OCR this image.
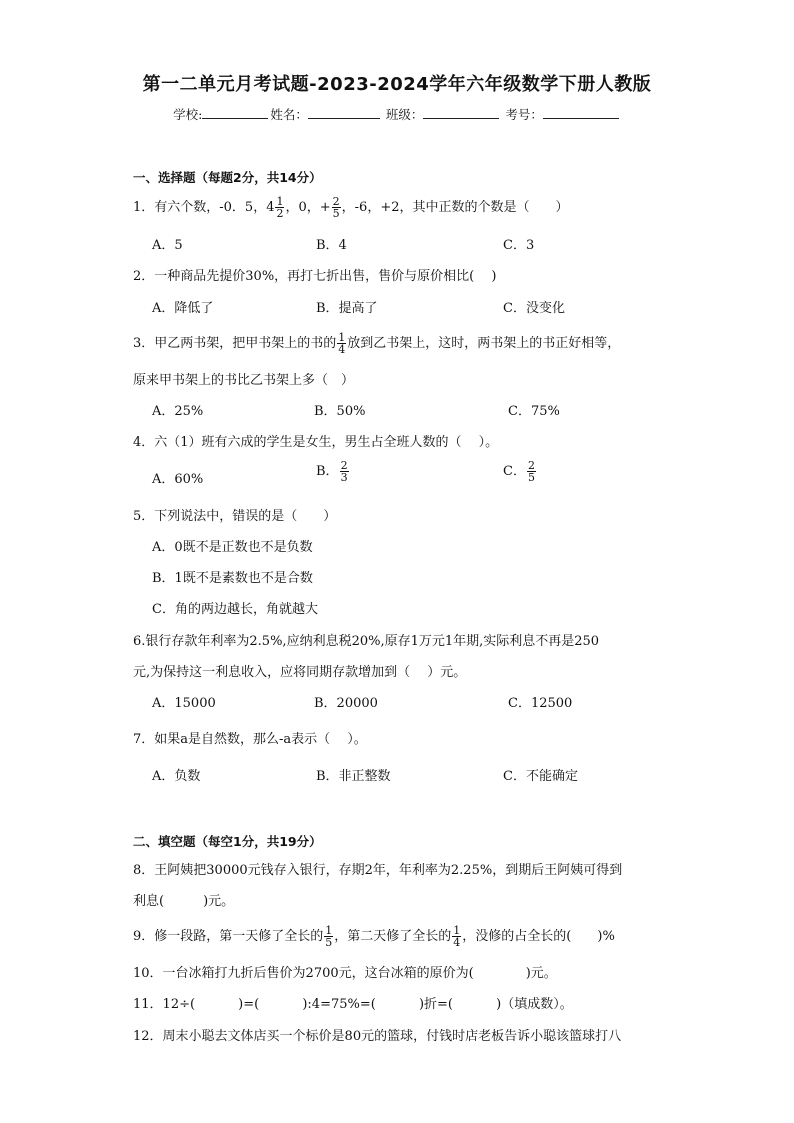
第一二单元月考试题-2023-2024学年六年级数学下册人教版
学校:	姓名：	班级：	考号：
一、选择题（每题2分，共14分）
1．有六个数，-0．5，$4 \frac{1}{2}$ ，0，+ $\frac{2}{5}$ ，-6，+2，其中正数的个数是（　　）
A．5	B．4	C．3
2．一种商品先提价30%，再打七折出售，售价与原价相比(　 )
A．降低了	B．提高了	C．没变化
3．甲乙两书架，把甲书架上的书的 $\frac{1}{4}$ 放到乙书架上，这时，两书架上的书正好相等，
原来甲书架上的书比乙书架上多（　）
A．25%	B．50%	C．75%
4．六（1）班有六成的学生是女生，男生占全班人数的（　 ）。
A．60%
B． $\frac{2}{3}$	C． $\frac{2}{5}$
5．下列说法中，错误的是（　　）
A．0既不是正数也不是负数
B．1既不是素数也不是合数
C．角的两边越长，角就越大
6.银行存款年利率为2.5%,应纳利息税20%,原存1万元1年期,实际利息不再是250
元,为保持这一利息收入，应将同期存款增加到（　 ）元。
A．15000	B．20000	C．12500
7．如果a是自然数，那么-a表示（　 ）。
A．负数	B．非正整数	C．不能确定
二、填空题（每空1分，共19分）
8．王阿姨把30000元钱存入银行，存期2年，年利率为2.25%，到期后王阿姨可得到
利息(　　　)元。
9．修一段路，第一天修了全长的 $\frac{1}{5}$ ，第二天修了全长的 $\frac{1}{4}$ ，没修的占全长的(　　)%
10．一台冰箱打九折后售价为2700元，这台冰箱的原价为(　　　　)元。
11．12÷(　　　 )=(　　　 ):4=75%=(　　　 )折=(　　　 )（填成数）。
12．周末小聪去文体店买一个标价是80元的篮球，付钱时店老板告诉小聪该篮球打八
